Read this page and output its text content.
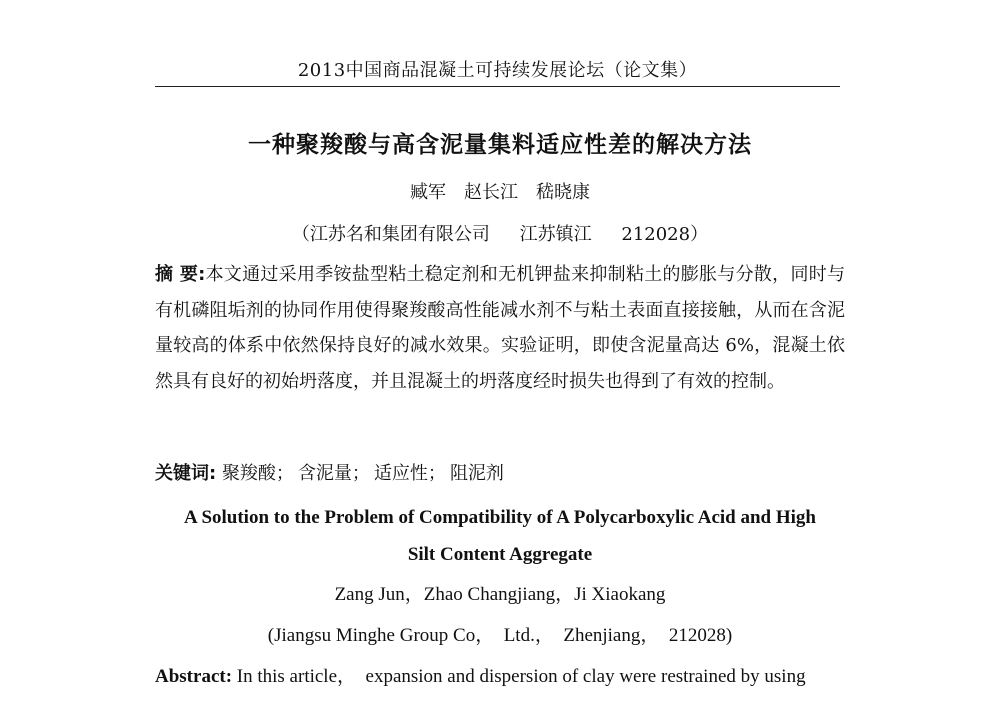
2013中国商品混凝土可持续发展论坛（论文集）
一种聚羧酸与高含泥量集料适应性差的解决方法
臧军　赵长江　嵇晓康
（江苏名和集团有限公司 江苏镇江 212028）
摘 要:本文通过采用季铵盐型粘土稳定剂和无机钾盐来抑制粘土的膨胀与分散，同时与有机磷阻垢剂的协同作用使得聚羧酸高性能减水剂不与粘土表面直接接触，从而在含泥量较高的体系中依然保持良好的减水效果。实验证明，即使含泥量高达 6%，混凝土依然具有良好的初始坍落度，并且混凝土的坍落度经时损失也得到了有效的控制。
关键词: 聚羧酸； 含泥量； 适应性； 阻泥剂
A Solution to the Problem of Compatibility of A Polycarboxylic Acid and High
Silt Content Aggregate
Zang Jun，Zhao Changjiang，Ji Xiaokang
(Jiangsu Minghe Group Co，　Ltd.，　Zhenjiang，　212028)
Abstract: In this article，　expansion and dispersion of clay were restrained by using
